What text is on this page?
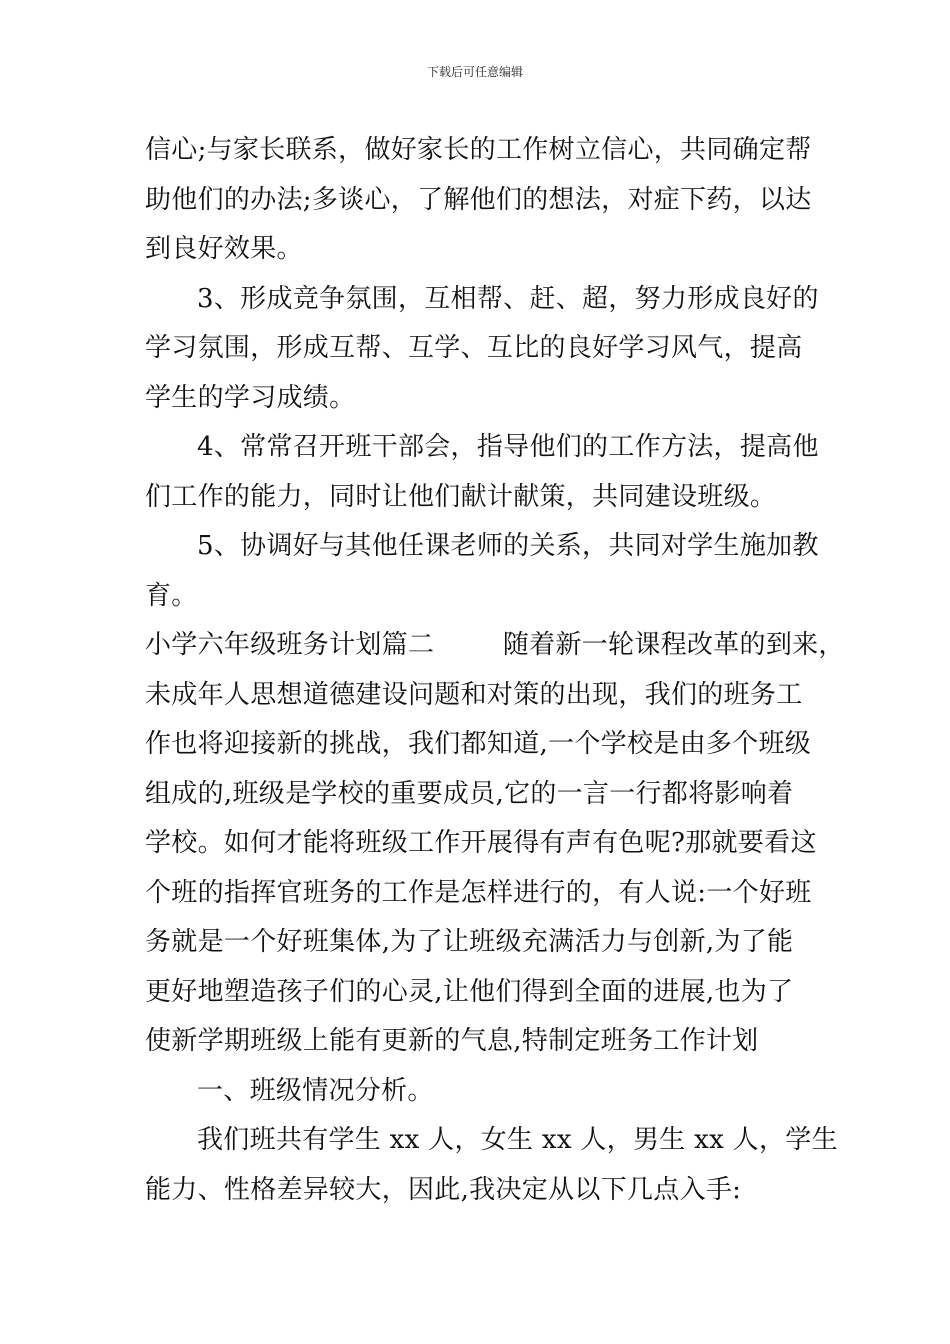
下载后可任意编辑
信心;与家长联系，做好家长的工作树立信心，共同确定帮
助他们的办法;多谈心，了解他们的想法，对症下药，以达
到良好效果。
3、形成竞争氛围，互相帮、赶、超，努力形成良好的
学习氛围，形成互帮、互学、互比的良好学习风气，提高
学生的学习成绩。
4、常常召开班干部会，指导他们的工作方法，提高他
们工作的能力，同时让他们献计献策，共同建设班级。
5、协调好与其他任课老师的关系，共同对学生施加教
育。
小学六年级班务计划篇二        随着新一轮课程改革的到来，
未成年人思想道德建设问题和对策的出现，我们的班务工
作也将迎接新的挑战，我们都知道,一个学校是由多个班级
组成的,班级是学校的重要成员,它的一言一行都将影响着
学校。如何才能将班级工作开展得有声有色呢?那就要看这
个班的指挥官班务的工作是怎样进行的，有人说:一个好班
务就是一个好班集体,为了让班级充满活力与创新,为了能
更好地塑造孩子们的心灵,让他们得到全面的进展,也为了
使新学期班级上能有更新的气息,特制定班务工作计划
一、班级情况分析。
我们班共有学生 xx 人，女生 xx 人，男生 xx 人，学生
能力、性格差异较大，因此,我决定从以下几点入手:
